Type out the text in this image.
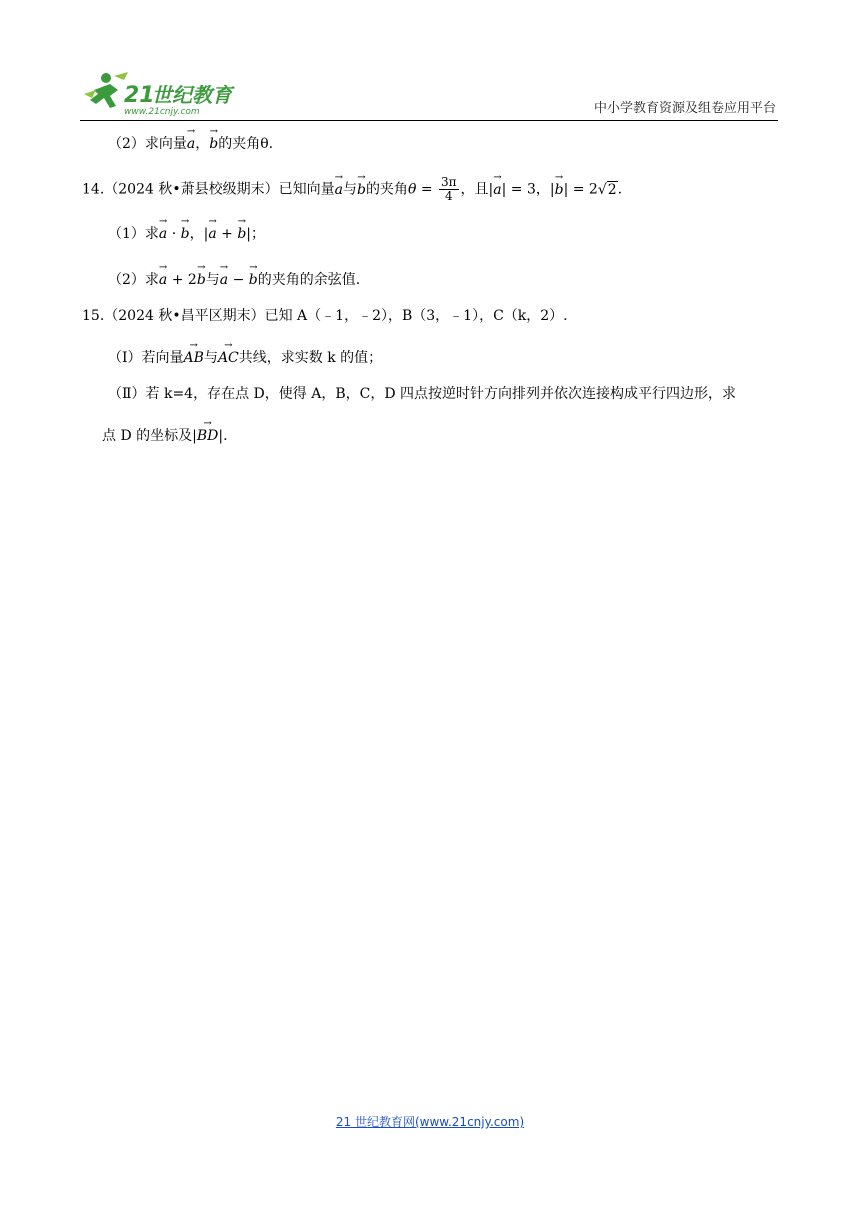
21
世纪教育
www.21cnjy.com	中小学教育资源及组卷应用平台
（2）求向量→ a，→ b的夹角θ.
14.（2024 秋•萧县校级期末）已知向量→ a与→ b的夹角$\theta = \frac{3\pi}{4}$ ，且|→ a| = 3，|→ b| = 2√2.
（1）求→ a · → b，|→ a + → b|；
（2）求→ a + 2→ b与→ a − → b的夹角的余弦值.
15.（2024 秋•昌平区期末）已知 A（﹣1，﹣2），B（3，﹣1），C（k，2）.
（Ⅰ）若向量→ AB与→ AC共线，求实数 k 的值；
（Ⅱ）若 k=4，存在点 D，使得 A，B，C，D 四点按逆时针方向排列并依次连接构成平行四边形，求
点 D 的坐标及|→ BD|.
21 世纪教育网(www.21cnjy.com)
